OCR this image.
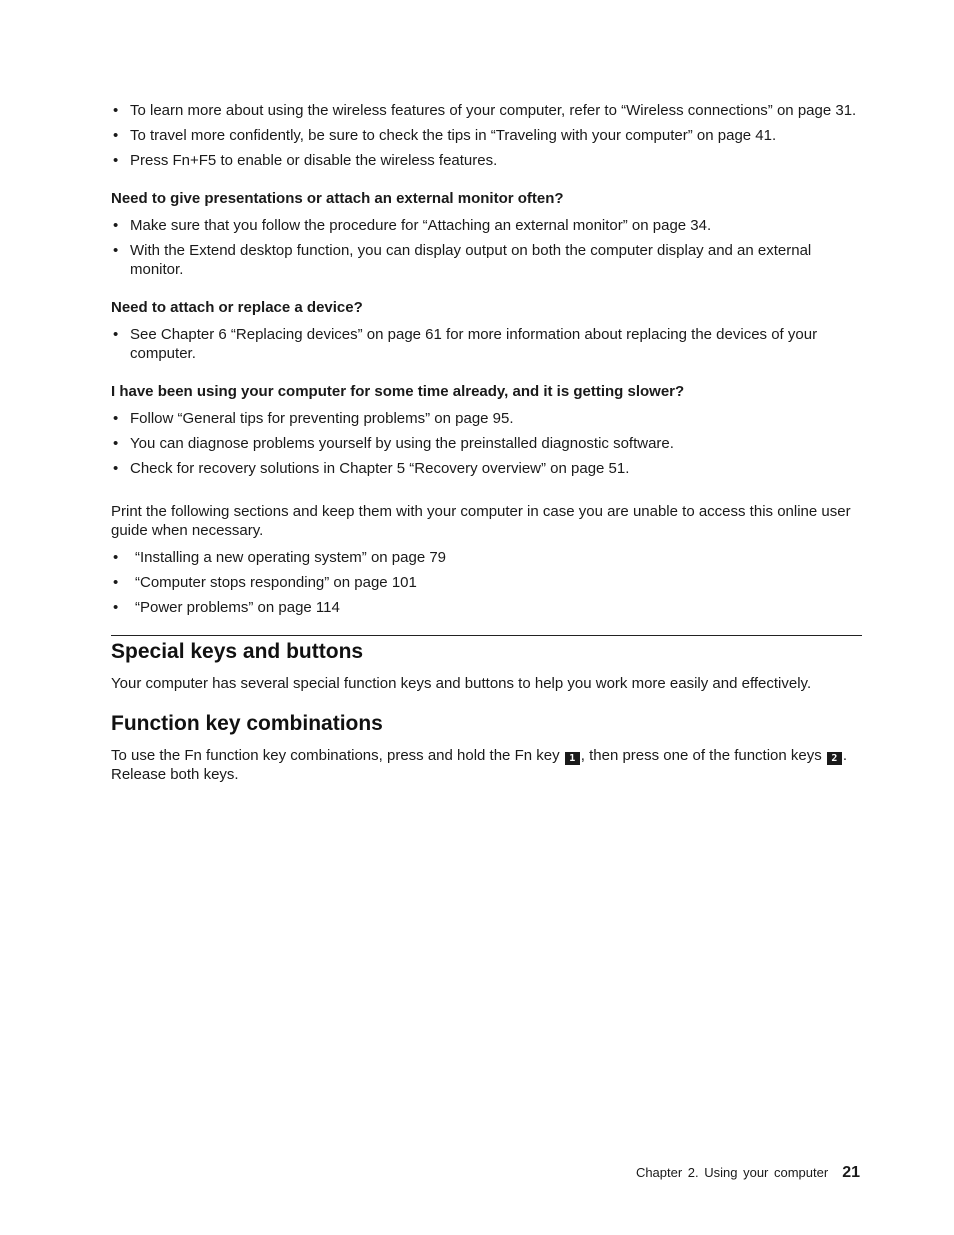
• To learn more about using the wireless features of your computer, refer to “Wireless connections” on page 31.
• To travel more confidently, be sure to check the tips in “Traveling with your computer” on page 41.
• Press Fn+F5 to enable or disable the wireless features.
Need to give presentations or attach an external monitor often?
• Make sure that you follow the procedure for “Attaching an external monitor” on page 34.
• With the Extend desktop function, you can display output on both the computer display and an external monitor.
Need to attach or replace a device?
• See Chapter 6 “Replacing devices” on page 61 for more information about replacing the devices of your computer.
I have been using your computer for some time already, and it is getting slower?
• Follow “General tips for preventing problems” on page 95.
• You can diagnose problems yourself by using the preinstalled diagnostic software.
• Check for recovery solutions in Chapter 5 “Recovery overview” on page 51.

Print the following sections and keep them with your computer in case you are unable to access this online user guide when necessary.

• “Installing a new operating system” on page 79
• “Computer stops responding” on page 101
• “Power problems” on page 114
Special keys and buttons

Your computer has several special function keys and buttons to help you work more easily and effectively.

Function key combinations

To use the Fn function key combinations, press and hold the Fn key 1 , then press one of the function keys 2 . Release both keys.

Chapter 2. Using your computer 21
